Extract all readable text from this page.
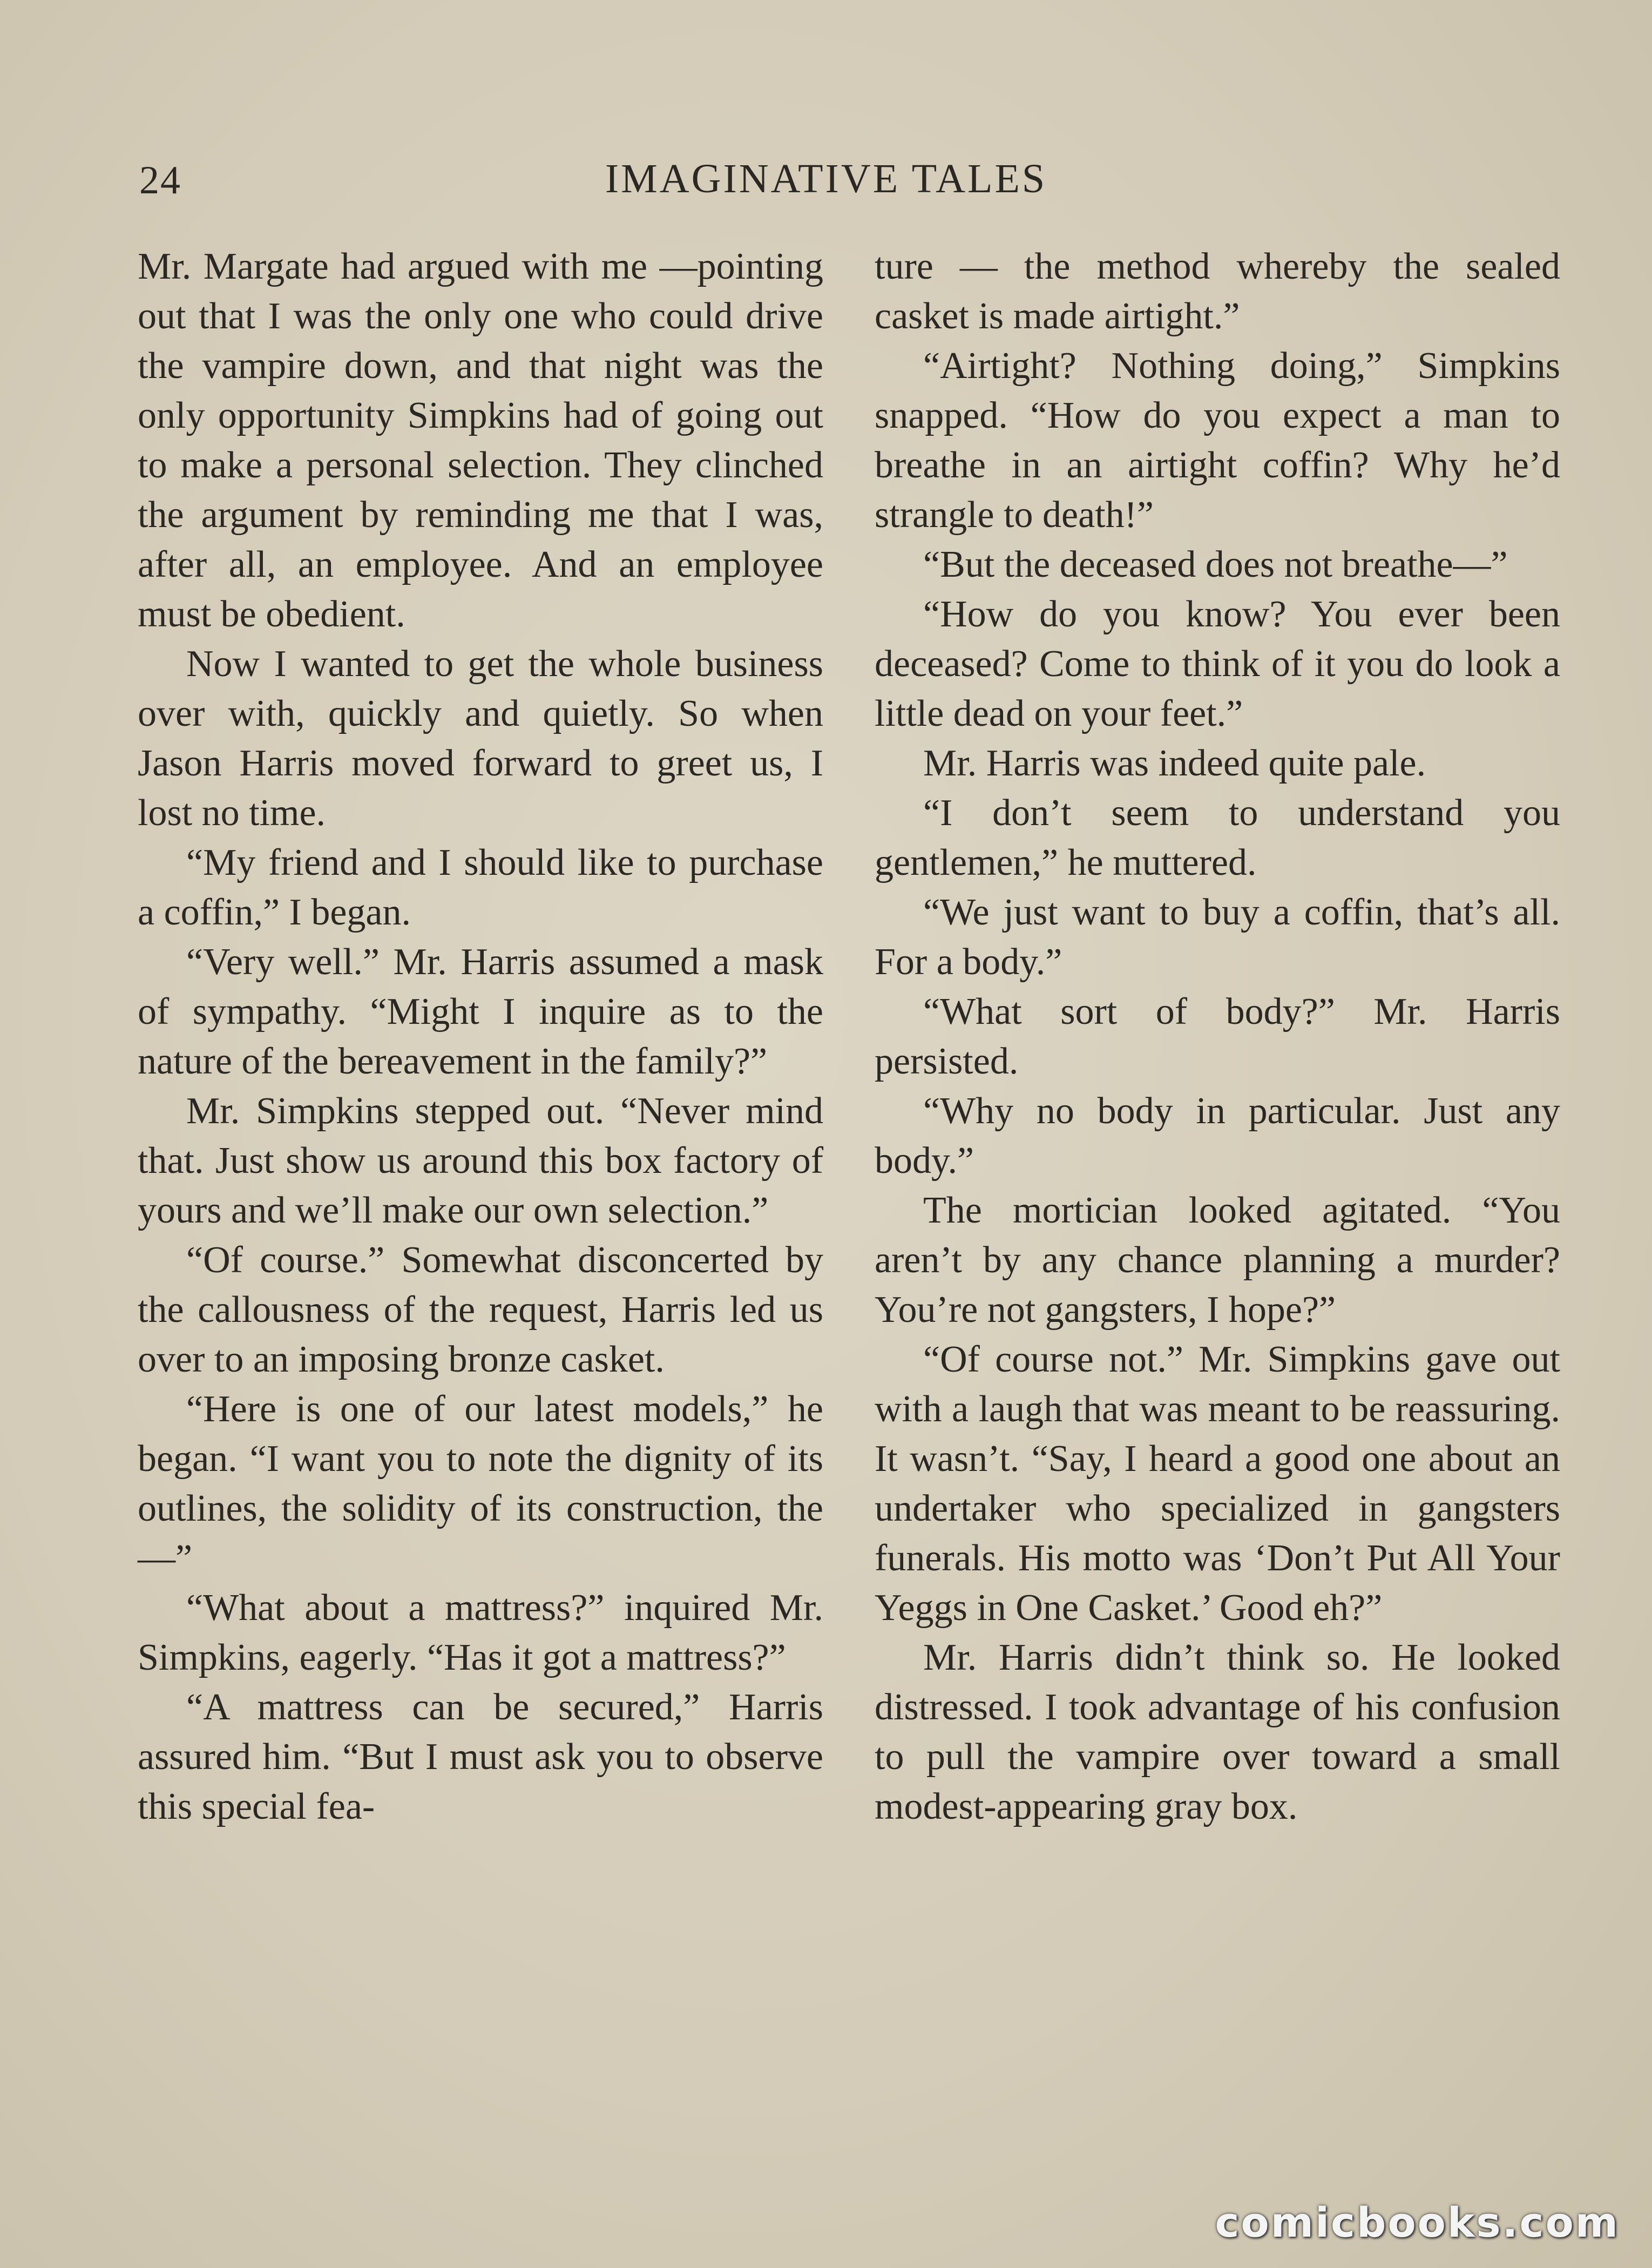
24	IMAGINATIVE TALES

Mr. Margate had argued with me —pointing out that I was the only one who could drive the vampire down, and that night was the only opportunity Simpkins had of going out to make a personal selection. They clinched the argument by reminding me that I was, after all, an employee. And an employee must be obedient.

Now I wanted to get the whole business over with, quickly and quietly. So when Jason Harris moved forward to greet us, I lost no time.

“My friend and I should like to purchase a coffin,” I began.

“Very well.” Mr. Harris assumed a mask of sympathy. “Might I inquire as to the nature of the bereavement in the family?”

Mr. Simpkins stepped out. “Never mind that. Just show us around this box factory of yours and we’ll make our own selection.”

“Of course.” Somewhat disconcerted by the callousness of the request, Harris led us over to an imposing bronze casket.

“Here is one of our latest models,” he began. “I want you to note the dignity of its outlines, the solidity of its construction, the—”

“What about a mattress?” inquired Mr. Simpkins, eagerly. “Has it got a mattress?”

“A mattress can be secured,” Harris assured him. “But I must ask you to observe this special fea-

ture — the method whereby the sealed casket is made airtight.”

“Airtight? Nothing doing,” Simpkins snapped. “How do you expect a man to breathe in an airtight coffin? Why he’d strangle to death!”

“But the deceased does not breathe—”

“How do you know? You ever been deceased? Come to think of it you do look a little dead on your feet.”

Mr. Harris was indeed quite pale.

“I don’t seem to understand you gentlemen,” he muttered.

“We just want to buy a coffin, that’s all. For a body.”

“What sort of body?” Mr. Harris persisted.

“Why no body in particular. Just any body.”

The mortician looked agitated. “You aren’t by any chance planning a murder? You’re not gangsters, I hope?”

“Of course not.” Mr. Simpkins gave out with a laugh that was meant to be reassuring. It wasn’t. “Say, I heard a good one about an undertaker who specialized in gangsters funerals. His motto was ‘Don’t Put All Your Yeggs in One Casket.’ Good eh?”

Mr. Harris didn’t think so. He looked distressed. I took advantage of his confusion to pull the vampire over toward a small modest-appearing gray box.

comicbooks.com
